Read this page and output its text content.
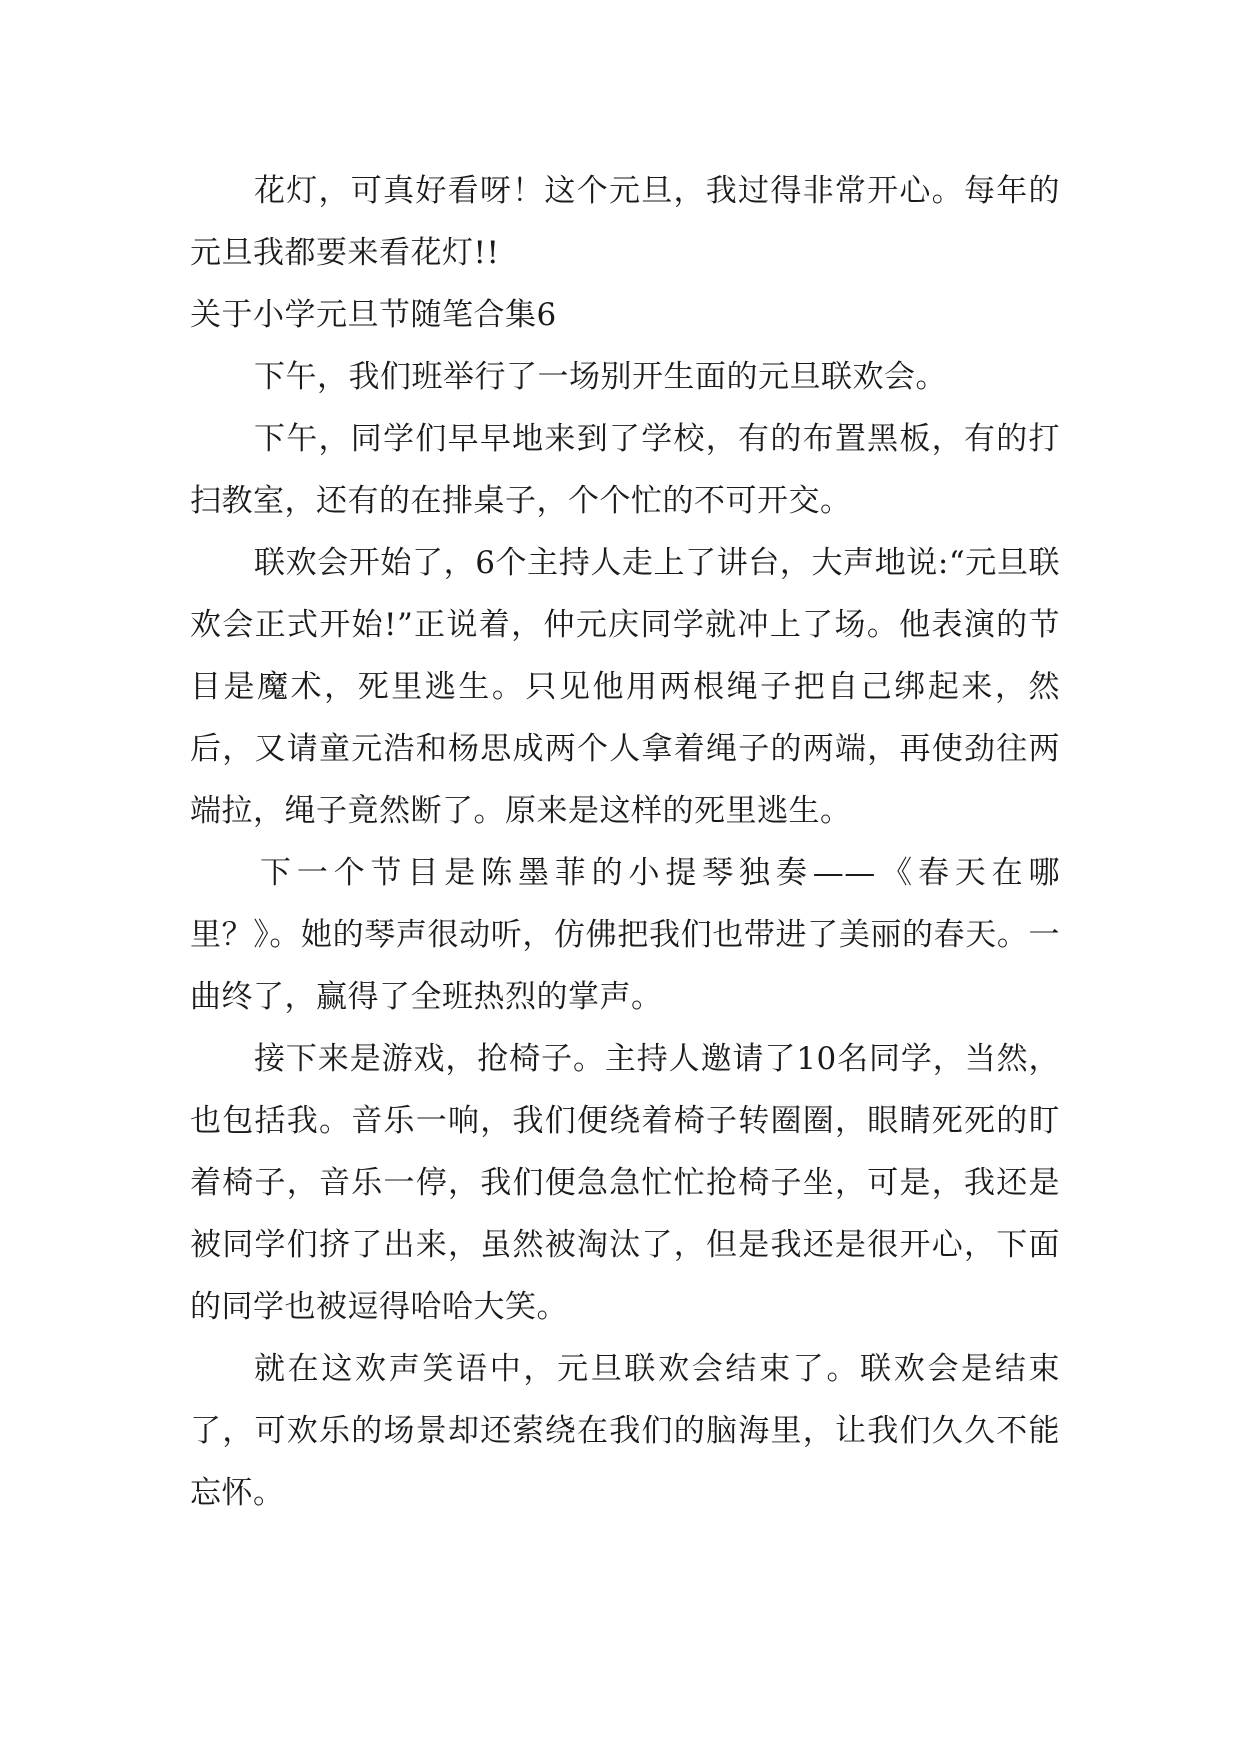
花灯，可真好看呀！这个元旦，我过得非常开心。每年的元旦我都要来看花灯!!

关于小学元旦节随笔合集6

下午，我们班举行了一场别开生面的元旦联欢会。

下午，同学们早早地来到了学校，有的布置黑板，有的打扫教室，还有的在排桌子，个个忙的不可开交。

联欢会开始了，6个主持人走上了讲台，大声地说:“元旦联欢会正式开始!”正说着，仲元庆同学就冲上了场。他表演的节目是魔术，死里逃生。只见他用两根绳子把自己绑起来，然后，又请童元浩和杨思成两个人拿着绳子的两端，再使劲往两端拉，绳子竟然断了。原来是这样的死里逃生。

下一个节目是陈墨菲的小提琴独奏——《春天在哪里？》。她的琴声很动听，仿佛把我们也带进了美丽的春天。一曲终了，赢得了全班热烈的掌声。

接下来是游戏，抢椅子。主持人邀请了10名同学，当然，也包括我。音乐一响，我们便绕着椅子转圈圈，眼睛死死的盯着椅子，音乐一停，我们便急急忙忙抢椅子坐，可是，我还是被同学们挤了出来，虽然被淘汰了，但是我还是很开心，下面的同学也被逗得哈哈大笑。

就在这欢声笑语中，元旦联欢会结束了。联欢会是结束了，可欢乐的场景却还萦绕在我们的脑海里，让我们久久不能忘怀。
